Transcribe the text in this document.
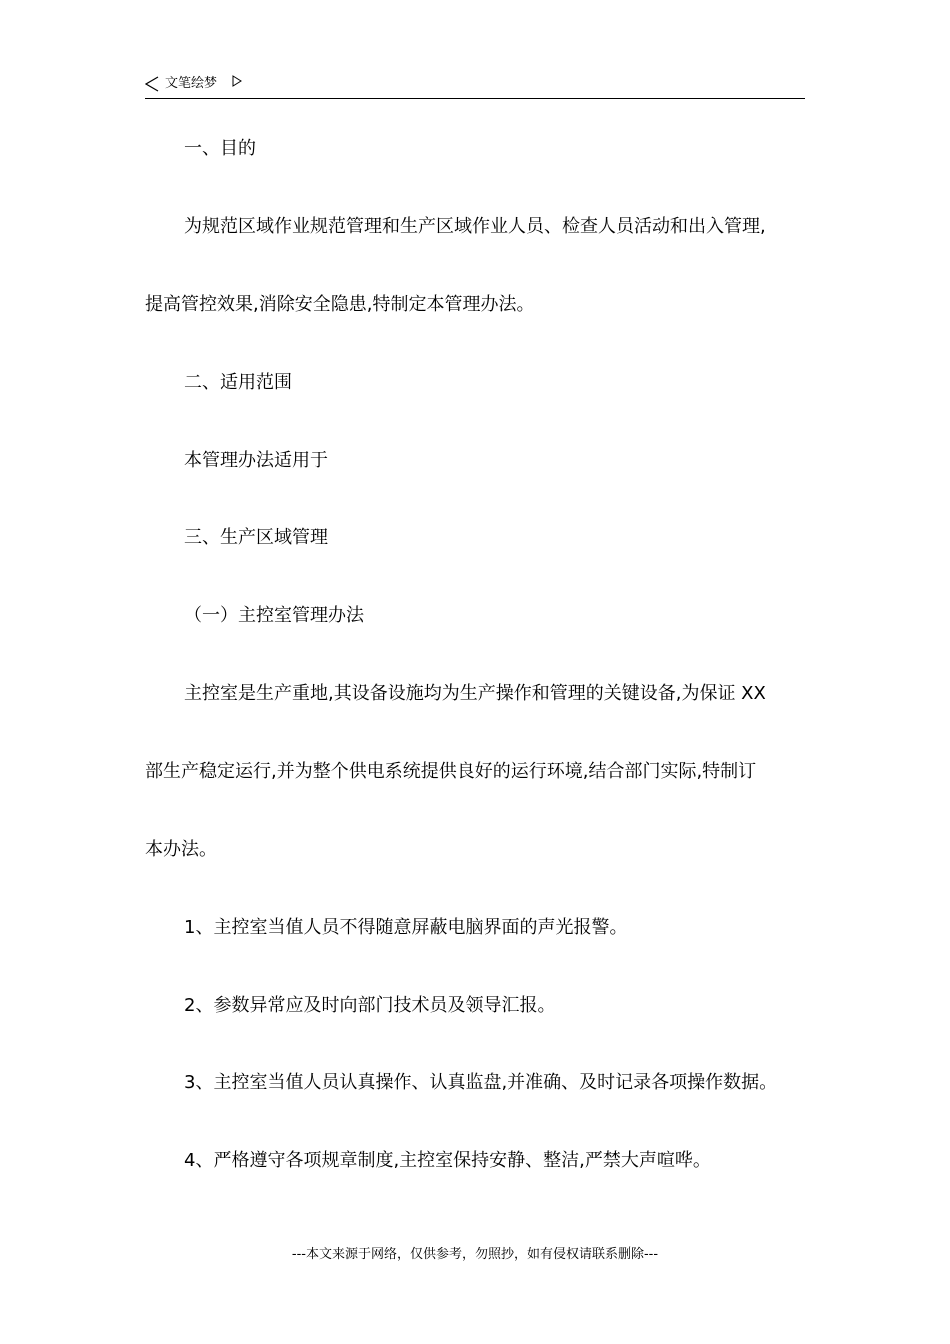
文笔绘梦
一、目的
为规范区域作业规范管理和生产区域作业人员、检查人员活动和出入管理,
提高管控效果,消除安全隐患,特制定本管理办法。
二、适用范围
本管理办法适用于
三、生产区域管理
（一）主控室管理办法
主控室是生产重地,其设备设施均为生产操作和管理的关键设备,为保证 XX
部生产稳定运行,并为整个供电系统提供良好的运行环境,结合部门实际,特制订
本办法。
1、主控室当值人员不得随意屏蔽电脑界面的声光报警。
2、参数异常应及时向部门技术员及领导汇报。
3、主控室当值人员认真操作、认真监盘,并准确、及时记录各项操作数据。
4、严格遵守各项规章制度,主控室保持安静、整洁,严禁大声喧哗。
---本文来源于网络，仅供参考，勿照抄，如有侵权请联系删除---
